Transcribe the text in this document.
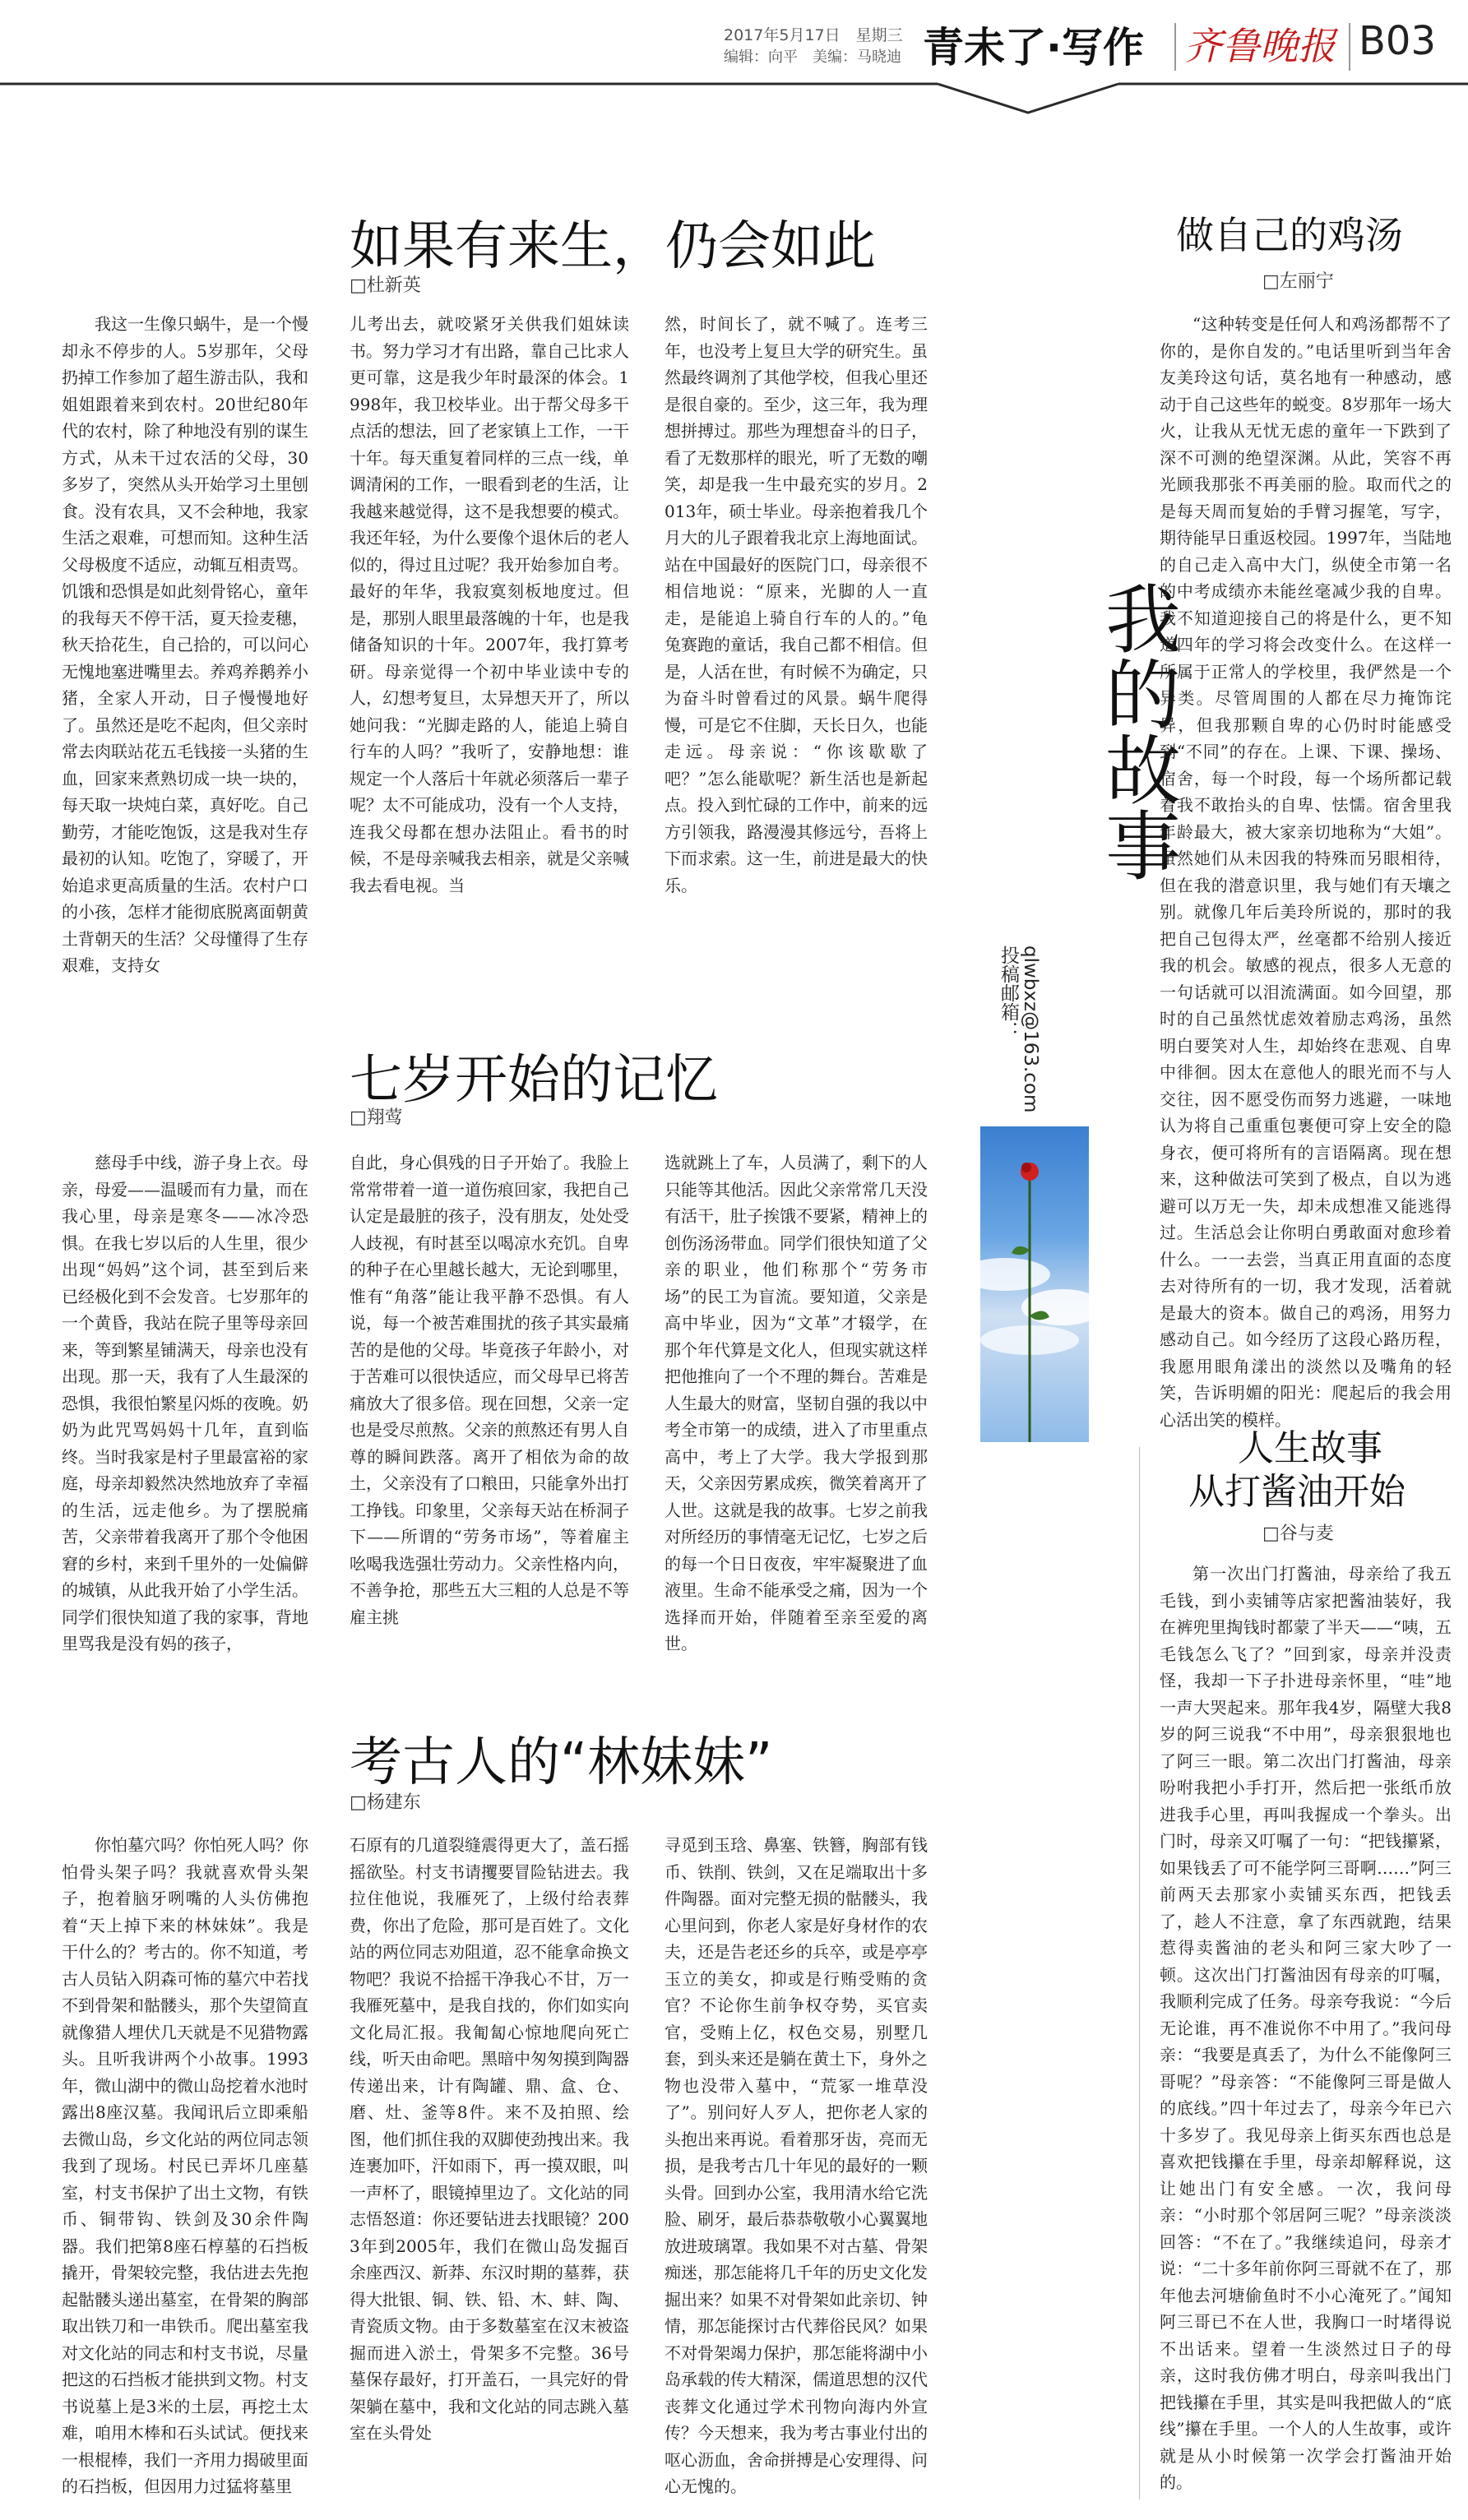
2017年5月17日　星期三
编辑：向平　美编：马晓迪 青未了·写作 齐鲁晚报 B03
我的故事
投稿邮箱： qlwbxz@163.com
如果有来生，仍会如此
□杜新英
我这一生像只蜗牛，是一个慢却永不停步的人。5岁那年，父母扔掉工作参加了超生游击队，我和姐姐跟着来到农村。20世纪80年代的农村，除了种地没有别的谋生方式，从未干过农活的父母，30多岁了，突然从头开始学习土里刨食。没有农具，又不会种地，我家生活之艰难，可想而知。这种生活父母极度不适应，动辄互相责骂。饥饿和恐惧是如此刻骨铭心，童年的我每天不停干活，夏天捡麦穗，秋天拾花生，自己拾的，可以问心无愧地塞进嘴里去。养鸡养鹅养小猪，全家人开动，日子慢慢地好了。虽然还是吃不起肉，但父亲时常去肉联站花五毛钱接一头猪的生血，回家来煮熟切成一块一块的，每天取一块炖白菜，真好吃。自己勤劳，才能吃饱饭，这是我对生存最初的认知。吃饱了，穿暖了，开始追求更高质量的生活。农村户口的小孩，怎样才能彻底脱离面朝黄土背朝天的生活？父母懂得了生存艰难，支持女
儿考出去，就咬紧牙关供我们姐妹读书。努力学习才有出路，靠自己比求人更可靠，这是我少年时最深的体会。1998年，我卫校毕业。出于帮父母多干点活的想法，回了老家镇上工作，一干十年。每天重复着同样的三点一线，单调清闲的工作，一眼看到老的生活，让我越来越觉得，这不是我想要的模式。我还年轻，为什么要像个退休后的老人似的，得过且过呢？我开始参加自考。最好的年华，我寂寞刻板地度过。但是，那别人眼里最落魄的十年，也是我储备知识的十年。2007年，我打算考研。母亲觉得一个初中毕业读中专的人，幻想考复旦，太异想天开了，所以她问我：“光脚走路的人，能追上骑自行车的人吗？”我听了，安静地想：谁规定一个人落后十年就必须落后一辈子呢？太不可能成功，没有一个人支持，连我父母都在想办法阻止。看书的时候，不是母亲喊我去相亲，就是父亲喊我去看电视。当
然，时间长了，就不喊了。连考三年，也没考上复旦大学的研究生。虽然最终调剂了其他学校，但我心里还是很自豪的。至少，这三年，我为理想拼搏过。那些为理想奋斗的日子，看了无数那样的眼光，听了无数的嘲笑，却是我一生中最充实的岁月。2013年，硕士毕业。母亲抱着我几个月大的儿子跟着我北京上海地面试。站在中国最好的医院门口，母亲很不相信地说：“原来，光脚的人一直走，是能追上骑自行车的人的。”龟兔赛跑的童话，我自己都不相信。但是，人活在世，有时候不为确定，只为奋斗时曾看过的风景。蜗牛爬得慢，可是它不住脚，天长日久，也能走远。母亲说：“你该歇歇了吧？”怎么能歇呢？新生活也是新起点。投入到忙碌的工作中，前来的远方引领我，路漫漫其修远兮，吾将上下而求索。这一生，前进是最大的快乐。
七岁开始的记忆
□翔莺
慈母手中线，游子身上衣。母亲，母爱——温暖而有力量，而在我心里，母亲是寒冬——冰冷恐惧。在我七岁以后的人生里，很少出现“妈妈”这个词，甚至到后来已经极化到不会发音。七岁那年的一个黄昏，我站在院子里等母亲回来，等到繁星铺满天，母亲也没有出现。那一天，我有了人生最深的恐惧，我很怕繁星闪烁的夜晚。奶奶为此咒骂妈妈十几年，直到临终。当时我家是村子里最富裕的家庭，母亲却毅然决然地放弃了幸福的生活，远走他乡。为了摆脱痛苦，父亲带着我离开了那个令他困窘的乡村，来到千里外的一处偏僻的城镇，从此我开始了小学生活。同学们很快知道了我的家事，背地里骂我是没有妈的孩子，
自此，身心俱残的日子开始了。我脸上常常带着一道一道伤痕回家，我把自己认定是最脏的孩子，没有朋友，处处受人歧视，有时甚至以喝凉水充饥。自卑的种子在心里越长越大，无论到哪里，惟有“角落”能让我平静不恐惧。有人说，每一个被苦难围扰的孩子其实最痛苦的是他的父母。毕竟孩子年龄小，对于苦难可以很快适应，而父母早已将苦痛放大了很多倍。现在回想，父亲一定也是受尽煎熬。父亲的煎熬还有男人自尊的瞬间跌落。离开了相依为命的故土，父亲没有了口粮田，只能拿外出打工挣钱。印象里，父亲每天站在桥洞子下——所谓的“劳务市场”，等着雇主吆喝我选强壮劳动力。父亲性格内向，不善争抢，那些五大三粗的人总是不等雇主挑
选就跳上了车，人员满了，剩下的人只能等其他活。因此父亲常常几天没有活干，肚子挨饿不要紧，精神上的创伤汤汤带血。同学们很快知道了父亲的职业，他们称那个“劳务市场”的民工为盲流。要知道，父亲是高中毕业，因为“文革”才辍学，在那个年代算是文化人，但现实就这样把他推向了一个不理的舞台。苦难是人生最大的财富，坚韧自强的我以中考全市第一的成绩，进入了市里重点高中，考上了大学。我大学报到那天，父亲因劳累成疾，微笑着离开了人世。这就是我的故事。七岁之前我对所经历的事情毫无记忆，七岁之后的每一个日日夜夜，牢牢凝聚进了血液里。生命不能承受之痛，因为一个选择而开始，伴随着至亲至爱的离世。
考古人的“林妹妹”
□杨建东
你怕墓穴吗？你怕死人吗？你怕骨头架子吗？我就喜欢骨头架子，抱着脑牙咧嘴的人头仿佛抱着“天上掉下来的林妹妹”。我是干什么的？考古的。你不知道，考古人员钻入阴森可怖的墓穴中若找不到骨架和骷髅头，那个失望简直就像猎人埋伏几天就是不见猎物露头。且听我讲两个小故事。1993年，微山湖中的微山岛挖着水池时露出8座汉墓。我闻讯后立即乘船去微山岛，乡文化站的两位同志领我到了现场。村民已弄坏几座墓室，村支书保护了出土文物，有铁币、铜带钩、铁剑及30余件陶器。我们把第8座石椁墓的石挡板撬开，骨架较完整，我估进去先抱起骷髅头递出墓室，在骨架的胸部取出铁刀和一串铁币。爬出墓室我对文化站的同志和村支书说，尽量把这的石挡板才能拱到文物。村支书说墓上是3米的土层，再挖土太难，咱用木棒和石头试试。便找来一根棍棒，我们一齐用力揭破里面的石挡板，但因用力过猛将墓里
石原有的几道裂缝震得更大了，盖石摇摇欲坠。村支书请攫要冒险钻进去。我拉住他说，我雁死了，上级付给表葬费，你出了危险，那可是百姓了。文化站的两位同志劝阻道，忍不能拿命换文物吧？我说不拾摇干净我心不甘，万一我雁死墓中，是我自找的，你们如实向文化局汇报。我匍匐心惊地爬向死亡线，听天由命吧。黑暗中匆匆摸到陶器传递出来，计有陶罐、鼎、盒、仓、磨、灶、釜等8件。来不及拍照、绘图，他们抓住我的双脚使劲拽出来。我连裹加吓，汗如雨下，再一摸双眼，叫一声杯了，眼镜掉里边了。文化站的同志悟怒道：你还要钻进去找眼镜？2003年到2005年，我们在微山岛发掘百余座西汉、新莽、东汉时期的墓葬，获得大批银、铜、铁、铅、木、蚌、陶、青瓷质文物。由于多数墓室在汉末被盗掘而进入淤土，骨架多不完整。36号墓保存最好，打开盖石，一具完好的骨架躺在墓中，我和文化站的同志跳入墓室在头骨处
寻觅到玉琀、鼻塞、铁簪，胸部有钱币、铁削、铁剑，又在足端取出十多件陶器。面对完整无损的骷髅头，我心里问到，你老人家是好身材作的农夫，还是告老还乡的兵卒，或是亭亭玉立的美女，抑或是行贿受贿的贪官？不论你生前争权夺势，买官卖官，受贿上亿，权色交易，别墅几套，到头来还是躺在黄土下，身外之物也没带入墓中，“荒冢一堆草没了”。别问好人歹人，把你老人家的头抱出来再说。看着那牙齿，亮而无损，是我考古几十年见的最好的一颗头骨。回到办公室，我用清水给它洗脸、刷牙，最后恭恭敬敬小心翼翼地放进玻璃罩。我如果不对古墓、骨架痴迷，那怎能将几千年的历史文化发掘出来？如果不对骨架如此亲切、钟情，那怎能探讨古代葬俗民风？如果不对骨架竭力保护，那怎能将湖中小岛承载的传大精深，儒道思想的汉代丧葬文化通过学术刊物向海内外宣传？今天想来，我为考古事业付出的呕心沥血，舍命拼搏是心安理得、问心无愧的。
做自己的鸡汤
□左丽宁
“这种转变是任何人和鸡汤都帮不了你的，是你自发的。”电话里听到当年舍友美玲这句话，莫名地有一种感动，感动于自己这些年的蜕变。8岁那年一场大火，让我从无忧无虑的童年一下跌到了深不可测的绝望深渊。从此，笑容不再光顾我那张不再美丽的脸。取而代之的是每天周而复始的手臂习握笔，写字，期待能早日重返校园。1997年，当陆地的自己走入高中大门，纵使全市第一名的中考成绩亦未能丝毫减少我的自卑。我不知道迎接自己的将是什么，更不知道四年的学习将会改变什么。在这样一所属于正常人的学校里，我俨然是一个异类。尽管周围的人都在尽力掩饰诧异，但我那颗自卑的心仍时时能感受到“不同”的存在。上课、下课、操场、宿舍，每一个时段，每一个场所都记载着我不敢抬头的自卑、怯懦。宿舍里我年龄最大，被大家亲切地称为“大姐”。虽然她们从未因我的特殊而另眼相待，但在我的潜意识里，我与她们有天壤之别。就像几年后美玲所说的，那时的我把自己包得太严，丝毫都不给别人接近我的机会。敏感的视点，很多人无意的一句话就可以泪流满面。如今回望，那时的自己虽然忧虑效着励志鸡汤，虽然明白要笑对人生，却始终在悲观、自卑中徘徊。因太在意他人的眼光而不与人交往，因不愿受伤而努力逃避，一味地认为将自己重重包裹便可穿上安全的隐身衣，便可将所有的言语隔离。现在想来，这种做法可笑到了极点，自以为逃避可以万无一失，却未成想准又能逃得过。生活总会让你明白勇敢面对愈珍着什么。一一去尝，当真正用直面的态度去对待所有的一切，我才发现，活着就是最大的资本。做自己的鸡汤，用努力感动自己。如今经历了这段心路历程，我愿用眼角漾出的淡然以及嘴角的轻笑，告诉明媚的阳光：爬起后的我会用心活出笑的模样。
人生故事
从打酱油开始
□谷与麦
第一次出门打酱油，母亲给了我五毛钱，到小卖铺等店家把酱油装好，我在裤兜里掏钱时都蒙了半天——“咦，五毛钱怎么飞了？”回到家，母亲并没责怪，我却一下子扑进母亲怀里，“哇”地一声大哭起来。那年我4岁，隔壁大我8岁的阿三说我“不中用”，母亲狠狠地也了阿三一眼。第二次出门打酱油，母亲吩咐我把小手打开，然后把一张纸币放进我手心里，再叫我握成一个拳头。出门时，母亲又叮嘱了一句：“把钱攥紧，如果钱丢了可不能学阿三哥啊……”阿三前两天去那家小卖铺买东西，把钱丢了，趁人不注意，拿了东西就跑，结果惹得卖酱油的老头和阿三家大吵了一顿。这次出门打酱油因有母亲的叮嘱，我顺利完成了任务。母亲夸我说：“今后无论谁，再不准说你不中用了。”我问母亲：“我要是真丢了，为什么不能像阿三哥呢？”母亲答：“不能像阿三哥是做人的底线。”四十年过去了，母亲今年已六十多岁了。我见母亲上街买东西也总是喜欢把钱攥在手里，母亲却解释说，这让她出门有安全感。一次，我问母亲：“小时那个邻居阿三呢？”母亲淡淡回答：“不在了。”我继续追问，母亲才说：“二十多年前你阿三哥就不在了，那年他去河塘偷鱼时不小心淹死了。”闻知阿三哥已不在人世，我胸口一时堵得说不出话来。望着一生淡然过日子的母亲，这时我仿佛才明白，母亲叫我出门把钱攥在手里，其实是叫我把做人的“底线”攥在手里。一个人的人生故事，或许就是从小时候第一次学会打酱油开始的。
